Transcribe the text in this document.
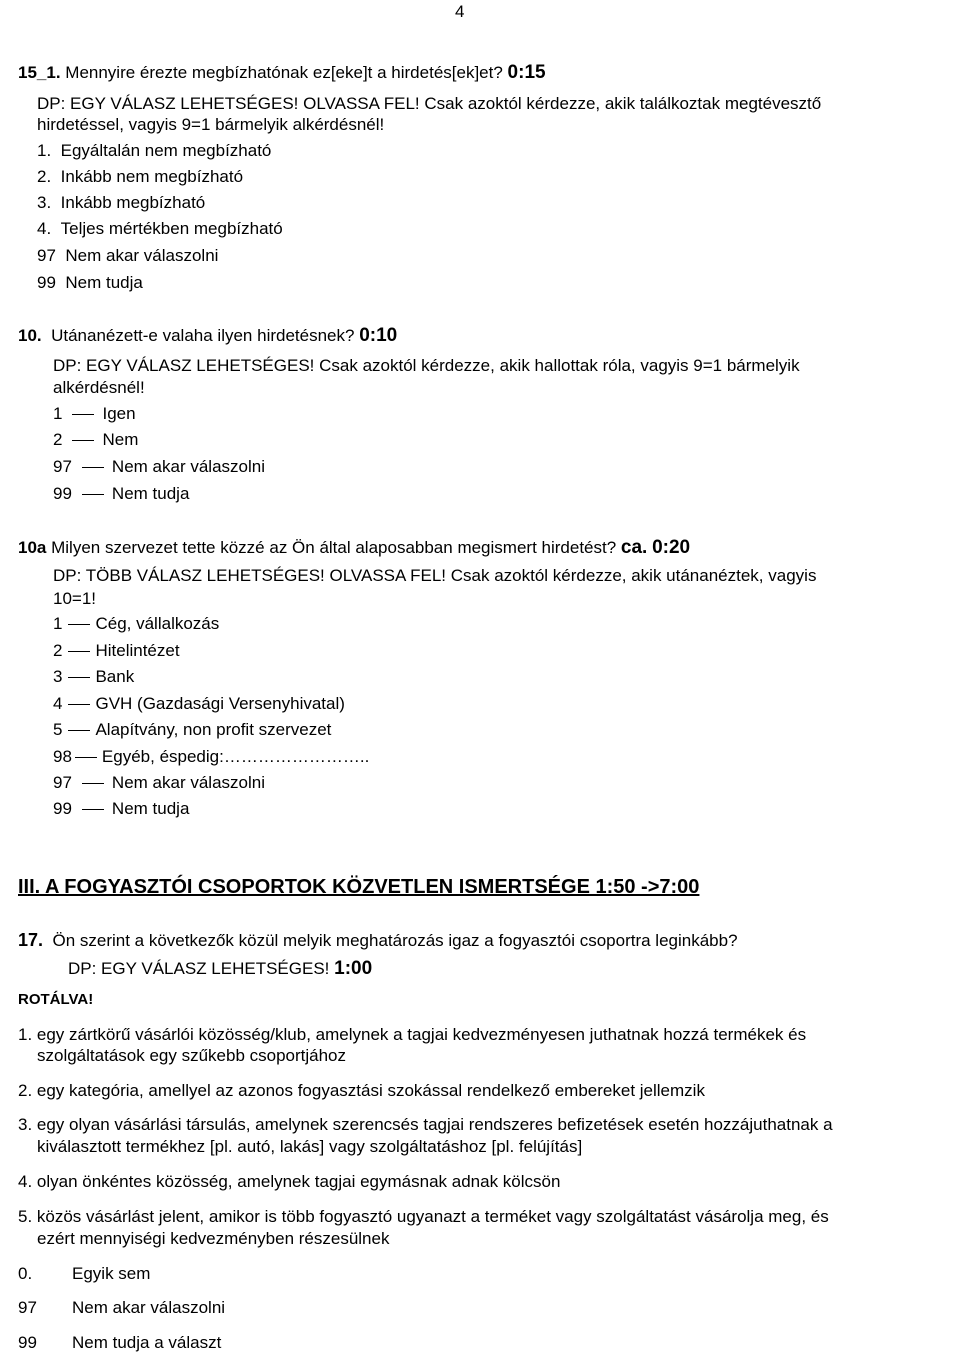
4
15_1. Mennyire érezte megbízhatónak ez[eke]t a hirdetés[ek]et? 0:15
DP: EGY VÁLASZ LEHETSÉGES! OLVASSA FEL! Csak azoktól kérdezze, akik találkoztak megtévesztő
hirdetéssel, vagyis 9=1 bármelyik alkérdésnél!
1. Egyáltalán nem megbízható
2. Inkább nem megbízható
3. Inkább megbízható
4. Teljes mértékben megbízható
97 Nem akar válaszolni
99 Nem tudja
10. Utánanézett-e valaha ilyen hirdetésnek? 0:10
DP: EGY VÁLASZ LEHETSÉGES! Csak azoktól kérdezze, akik hallottak róla, vagyis 9=1 bármelyik
alkérdésnél!
1 Igen
2 Nem
97 Nem akar válaszolni
99 Nem tudja
10a Milyen szervezet tette közzé az Ön által alaposabban megismert hirdetést? ca. 0:20
DP: TÖBB VÁLASZ LEHETSÉGES! OLVASSA FEL! Csak azoktól kérdezze, akik utánanéztek, vagyis
10=1!
1 Cég, vállalkozás
2 Hitelintézet
3 Bank
4 GVH (Gazdasági Versenyhivatal)
5 Alapítvány, non profit szervezet
98 Egyéb, éspedig:……………………..
97 Nem akar válaszolni
99 Nem tudja
III. A FOGYASZTÓI CSOPORTOK KÖZVETLEN ISMERTSÉGE 1:50 ->7:00
17. Ön szerint a következők közül melyik meghatározás igaz a fogyasztói csoportra leginkább?
DP: EGY VÁLASZ LEHETSÉGES! 1:00
ROTÁLVA!
1. egy zártkörű vásárlói közösség/klub, amelynek a tagjai kedvezményesen juthatnak hozzá termékek és
szolgáltatások egy szűkebb csoportjához
2. egy kategória, amellyel az azonos fogyasztási szokással rendelkező embereket jellemzik
3. egy olyan vásárlási társulás, amelynek szerencsés tagjai rendszeres befizetések esetén hozzájuthatnak a
kiválasztott termékhez [pl. autó, lakás] vagy szolgáltatáshoz [pl. felújítás]
4. olyan önkéntes közösség, amelynek tagjai egymásnak adnak kölcsön
5. közös vásárlást jelent, amikor is több fogyasztó ugyanazt a terméket vagy szolgáltatást vásárolja meg, és
ezért mennyiségi kedvezményben részesülnek
0. Egyik sem
97 Nem akar válaszolni
99 Nem tudja a választ
